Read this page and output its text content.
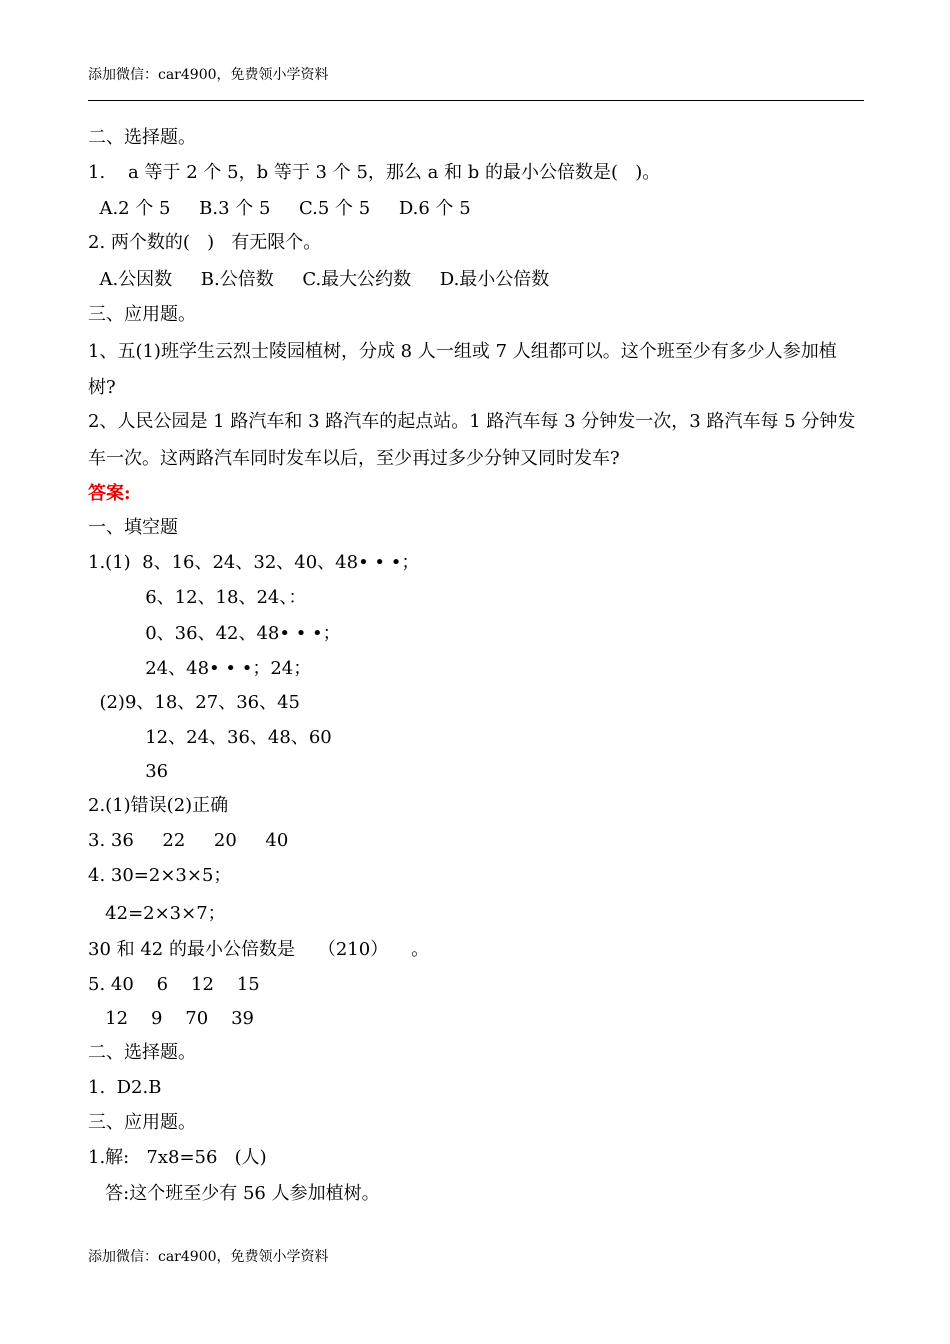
添加微信：car4900，免费领小学资料
二、选择题。
1.    a 等于 2 个 5，b 等于 3 个 5，那么 a 和 b 的最小公倍数是(   )。
A.2 个 5     B.3 个 5     C.5 个 5     D.6 个 5
2. 两个数的(   )   有无限个。
A.公因数     B.公倍数     C.最大公约数     D.最小公倍数
三、应用题。
1、五(1)班学生云烈士陵园植树，分成 8 人一组或 7 人组都可以。这个班至少有多少人参加植
树?
2、人民公园是 1 路汽车和 3 路汽车的起点站。1 路汽车每 3 分钟发一次，3 路汽车每 5 分钟发
车一次。这两路汽车同时发车以后，至少再过多少分钟又同时发车?
答案:
一、填空题
1.(1)  8、16、24、32、40、48• • •；
6、12、18、24、：
0、36、42、48• • •；
24、48• • •；24；
(2)9、18、27、36、45
12、24、36、48、60
36
2.(1)错误(2)正确
3. 36     22     20     40
4. 30=2×3×5；
42=2×3×7；
30 和 42 的最小公倍数是    （210）    。
5. 40    6    12    15
12    9    70    39
二、选择题。
1.  D2.B
三、应用题。
1.解:   7x8=56   (人)
答:这个班至少有 56 人参加植树。
添加微信：car4900，免费领小学资料
